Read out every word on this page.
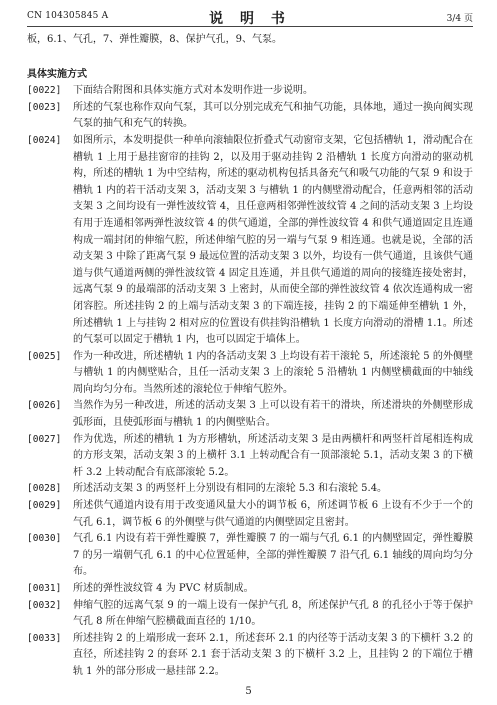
CN 104305845 A	说 明 书	3/4 页

板，6.1、气孔，7、弹性瓣膜，8、保护气孔，9、气泵。

具体实施方式

[0022] 下面结合附图和具体实施方式对本发明作进一步说明。

[0023] 所述的气泵也称作双向气泵，其可以分别完成充气和抽气功能，具体地，通过一换向阀实现气泵的抽气和充气的转换。

[0024] 如图所示，本发明提供一种单向滚轴限位折叠式气动窗帘支架，它包括槽轨 1，滑动配合在槽轨 1 上用于悬挂窗帘的挂钩 2，以及用于驱动挂钩 2 沿槽轨 1 长度方向滑动的驱动机构，所述的槽轨 1 为中空结构，所述的驱动机构包括具备充气和吸气功能的气泵 9 和设于槽轨 1 内的若干活动支架 3，活动支架 3 与槽轨 1 的内侧壁滑动配合，任意两相邻的活动支架 3 之间均设有一弹性波纹管 4，且任意两相邻弹性波纹管 4 之间的活动支架 3 上均设有用于连通相邻两弹性波纹管 4 的供气通道，全部的弹性波纹管 4 和供气通道固定且连通构成一端封闭的伸缩气腔，所述伸缩气腔的另一端与气泵 9 相连通。也就是说，全部的活动支架 3 中除了距离气泵 9 最远位置的活动支架 3 以外，均设有一供气通道，且该供气通道与供气通道两侧的弹性波纹管 4 固定且连通，并且供气通道的周向的接缝连接处密封，远离气泵 9 的最端部的活动支架 3 上密封，从而使全部的弹性波纹管 4 依次连通构成一密闭容腔。所述挂钩 2 的上端与活动支架 3 的下端连接，挂钩 2 的下端延伸至槽轨 1 外，所述槽轨 1 上与挂钩 2 相对应的位置设有供挂钩沿槽轨 1 长度方向滑动的滑槽 1.1。所述的气泵可以固定于槽轨 1 内，也可以固定于墙体上。

[0025] 作为一种改进，所述槽轨 1 内的各活动支架 3 上均设有若干滚轮 5，所述滚轮 5 的外侧壁与槽轨 1 的内侧壁贴合，且任一活动支架 3 上的滚轮 5 沿槽轨 1 内侧壁横截面的中轴线周向均匀分布。当然所述的滚轮位于伸缩气腔外。

[0026] 当然作为另一种改进，所述的活动支架 3 上可以设有若干的滑块，所述滑块的外侧壁形成弧形面，且使弧形面与槽轨 1 的内侧壁贴合。

[0027] 作为优选，所述的槽轨 1 为方形槽轨，所述活动支架 3 是由两横杆和两竖杆首尾相连构成的方形支架，活动支架 3 的上横杆 3.1 上转动配合有一顶部滚轮 5.1，活动支架 3 的下横杆 3.2 上转动配合有底部滚轮 5.2。

[0028] 所述活动支架 3 的两竖杆上分别设有相同的左滚轮 5.3 和右滚轮 5.4。

[0029] 所述供气通道内设有用于改变通风量大小的调节板 6，所述调节板 6 上设有不少于一个的气孔 6.1，调节板 6 的外侧壁与供气通道的内侧壁固定且密封。

[0030] 气孔 6.1 内设有若干弹性瓣膜 7，弹性瓣膜 7 的一端与气孔 6.1 的内侧壁固定，弹性瓣膜 7 的另一端朝气孔 6.1 的中心位置延伸，全部的弹性瓣膜 7 沿气孔 6.1 轴线的周向均匀分布。

[0031] 所述的弹性波纹管 4 为 PVC 材质制成。

[0032] 伸缩气腔的远离气泵 9 的一端上设有一保护气孔 8，所述保护气孔 8 的孔径小于等于保护气孔 8 所在伸缩气腔横截面直径的 1/10。

[0033] 所述挂钩 2 的上端形成一套环 2.1，所述套环 2.1 的内径等于活动支架 3 的下横杆 3.2 的直径，所述挂钩 2 的套环 2.1 套于活动支架 3 的下横杆 3.2 上，且挂钩 2 的下端位于槽轨 1 外的部分形成一悬挂部 2.2。

5
